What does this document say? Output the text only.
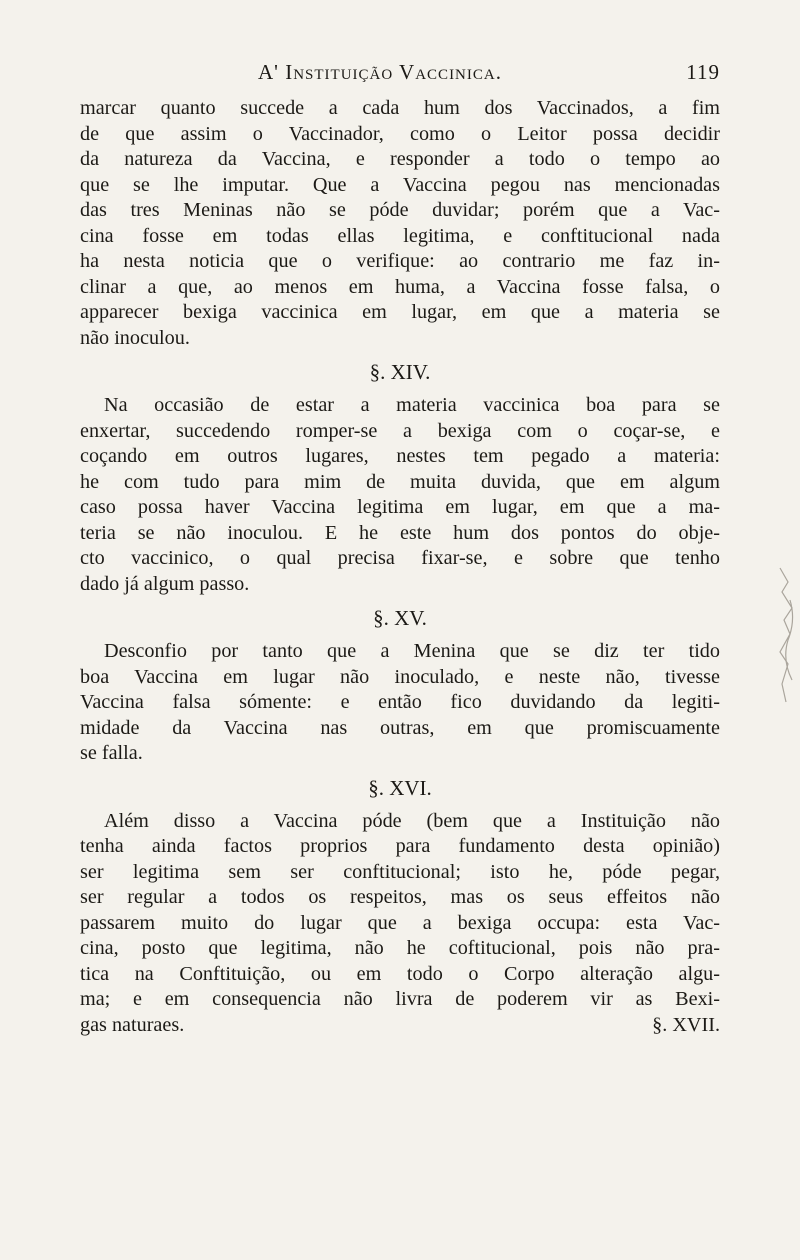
A' Instituição Vaccinica.	119
marcar quanto succede a cada hum dos Vaccinados, a fim
de que assim o Vaccinador, como o Leitor possa decidir
da natureza da Vaccina, e responder a todo o tempo ao
que se lhe imputar. Que a Vaccina pegou nas mencionadas
das tres Meninas não se póde duvidar; porém que a Vac-
cina fosse em todas ellas legitima, e conftitucional nada
ha nesta noticia que o verifique: ao contrario me faz in-
clinar a que, ao menos em huma, a Vaccina fosse falsa, o
apparecer bexiga vaccinica em lugar, em que a materia se
não inoculou.
§. XIV.
Na occasião de estar a materia vaccinica boa para se
enxertar, succedendo romper-se a bexiga com o coçar-se, e
coçando em outros lugares, nestes tem pegado a materia:
he com tudo para mim de muita duvida, que em algum
caso possa haver Vaccina legitima em lugar, em que a ma-
teria se não inoculou. E he este hum dos pontos do obje-
cto vaccinico, o qual precisa fixar-se, e sobre que tenho
dado já algum passo.
§. XV.
Desconfio por tanto que a Menina que se diz ter tido
boa Vaccina em lugar não inoculado, e neste não, tivesse
Vaccina falsa sómente: e então fico duvidando da legiti-
midade da Vaccina nas outras, em que promiscuamente
se falla.
§. XVI.
Além disso a Vaccina póde (bem que a Instituição não
tenha ainda factos proprios para fundamento desta opinião)
ser legitima sem ser conftitucional; isto he, póde pegar,
ser regular a todos os respeitos, mas os seus effeitos não
passarem muito do lugar que a bexiga occupa: esta Vac-
cina, posto que legitima, não he coftitucional, pois não pra-
tica na Conftituição, ou em todo o Corpo alteração algu-
ma; e em consequencia não livra de poderem vir as Bexi-
gas naturaes.	§. XVII.
